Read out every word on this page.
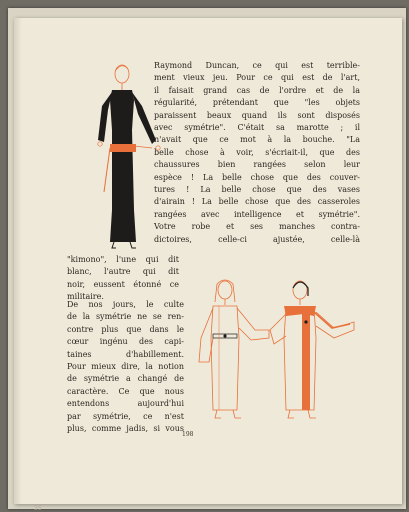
35
Raymond Duncan, ce qui est terrible-
ment vieux jeu. Pour ce qui est de l'art,
il faisait grand cas de l'ordre et de la
régularité, prétendant que "les objets
paraissent beaux quand ils sont disposés
avec symétrie". C'était sa marotte ; il
n'avait que ce mot à la bouche. "La
belle chose à voir, s'écriait-il, que des
chaussures bien rangées selon leur
espèce ! La belle chose que des couver-
tures ! La belle chose que des vases
d'airain ! La belle chose que des casseroles
rangées avec intelligence et symétrie".
Votre robe et ses manches contra-
dictoires, celle-ci ajustée, celle-là
"kimono", l'une qui dit
blanc, l'autre qui dit
noir, eussent étonné ce
militaire.
De nos jours, le culte
de la symétrie ne se ren-
contre plus que dans le
cœur ingénu des capi-
taines d'habillement.
Pour mieux dire, la notion
de symétrie a changé de
caractère. Ce que nous
entendons aujourd'hui
par symétrie, ce n'est
plus, comme jadis, si vous
198
